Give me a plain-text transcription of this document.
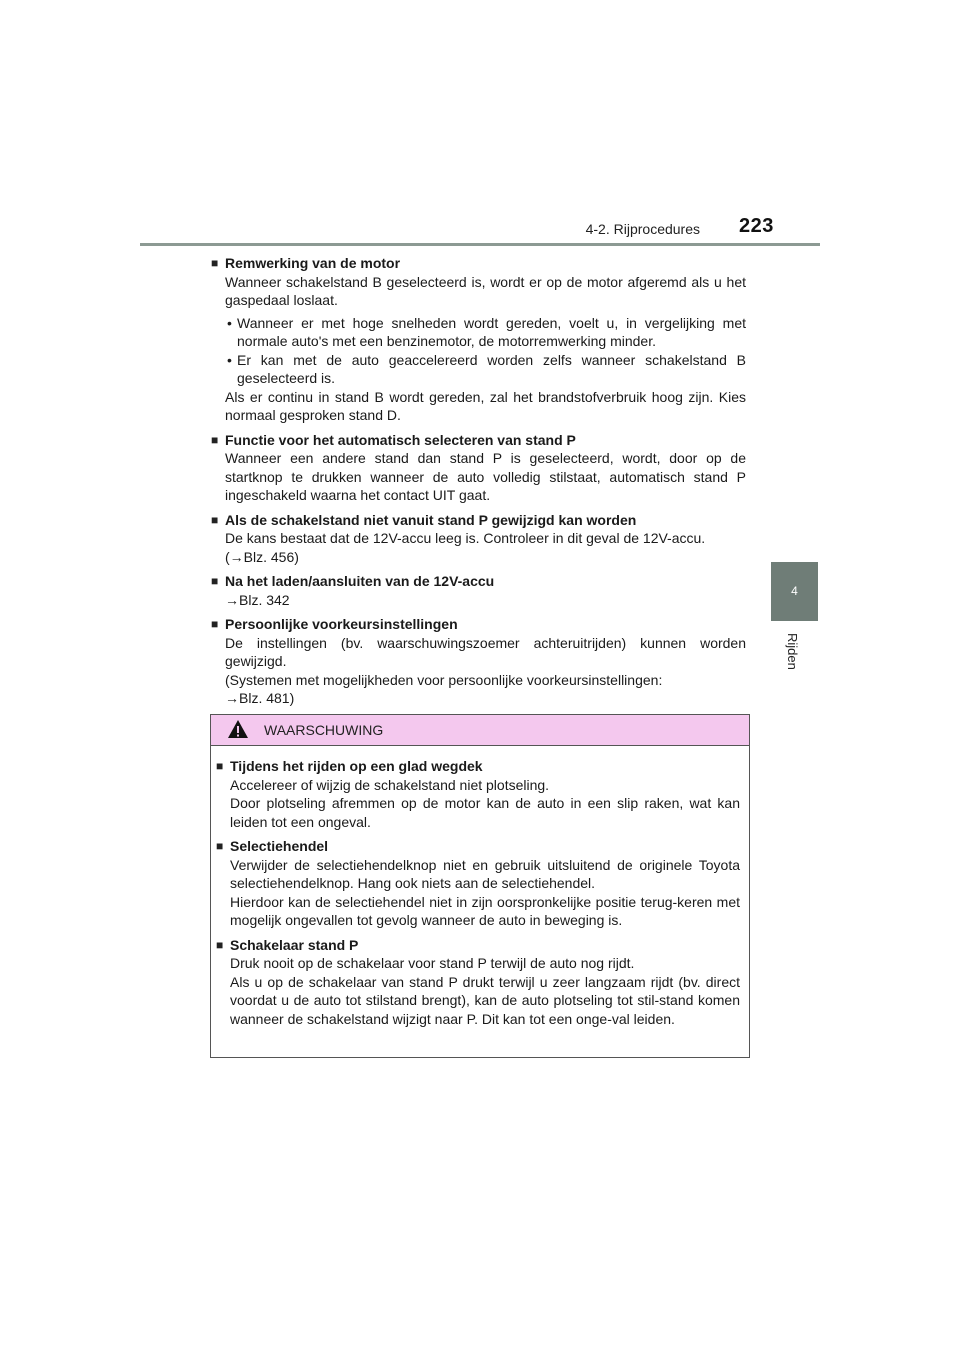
4-2. Rijprocedures 223
4
Rijden
■ Remwerking van de motor

Wanneer schakelstand B geselecteerd is, wordt er op de motor afgeremd als u het gaspedaal loslaat.

• Wanneer er met hoge snelheden wordt gereden, voelt u, in vergelijking met normale auto's met een benzinemotor, de motorremwerking minder.
• Er kan met de auto geaccelereerd worden zelfs wanneer schakelstand B geselecteerd is.

Als er continu in stand B wordt gereden, zal het brandstofverbruik hoog zijn. Kies normaal gesproken stand D.

■ Functie voor het automatisch selecteren van stand P

Wanneer een andere stand dan stand P is geselecteerd, wordt, door op de startknop te drukken wanneer de auto volledig stilstaat, automatisch stand P ingeschakeld waarna het contact UIT gaat.

■ Als de schakelstand niet vanuit stand P gewijzigd kan worden

De kans bestaat dat de 12V-accu leeg is. Controleer in dit geval de 12V-accu.

(→Blz. 456)

■ Na het laden/aansluiten van de 12V-accu

→Blz. 342

■ Persoonlijke voorkeursinstellingen

De instellingen (bv. waarschuwingszoemer achteruitrijden) kunnen worden gewijzigd.

(Systemen met mogelijkheden voor persoonlijke voorkeursinstellingen:

→Blz. 481)

WAARSCHUWING
■ Tijdens het rijden op een glad wegdek

Accelereer of wijzig de schakelstand niet plotseling.

Door plotseling afremmen op de motor kan de auto in een slip raken, wat kan leiden tot een ongeval.

■ Selectiehendel

Verwijder de selectiehendelknop niet en gebruik uitsluitend de originele Toyota selectiehendelknop. Hang ook niets aan de selectiehendel.

Hierdoor kan de selectiehendel niet in zijn oorspronkelijke positie terug-keren met mogelijk ongevallen tot gevolg wanneer de auto in beweging is.

■ Schakelaar stand P

Druk nooit op de schakelaar voor stand P terwijl de auto nog rijdt.

Als u op de schakelaar van stand P drukt terwijl u zeer langzaam rijdt (bv. direct voordat u de auto tot stilstand brengt), kan de auto plotseling tot stil-stand komen wanneer de schakelstand wijzigt naar P. Dit kan tot een onge-val leiden.
